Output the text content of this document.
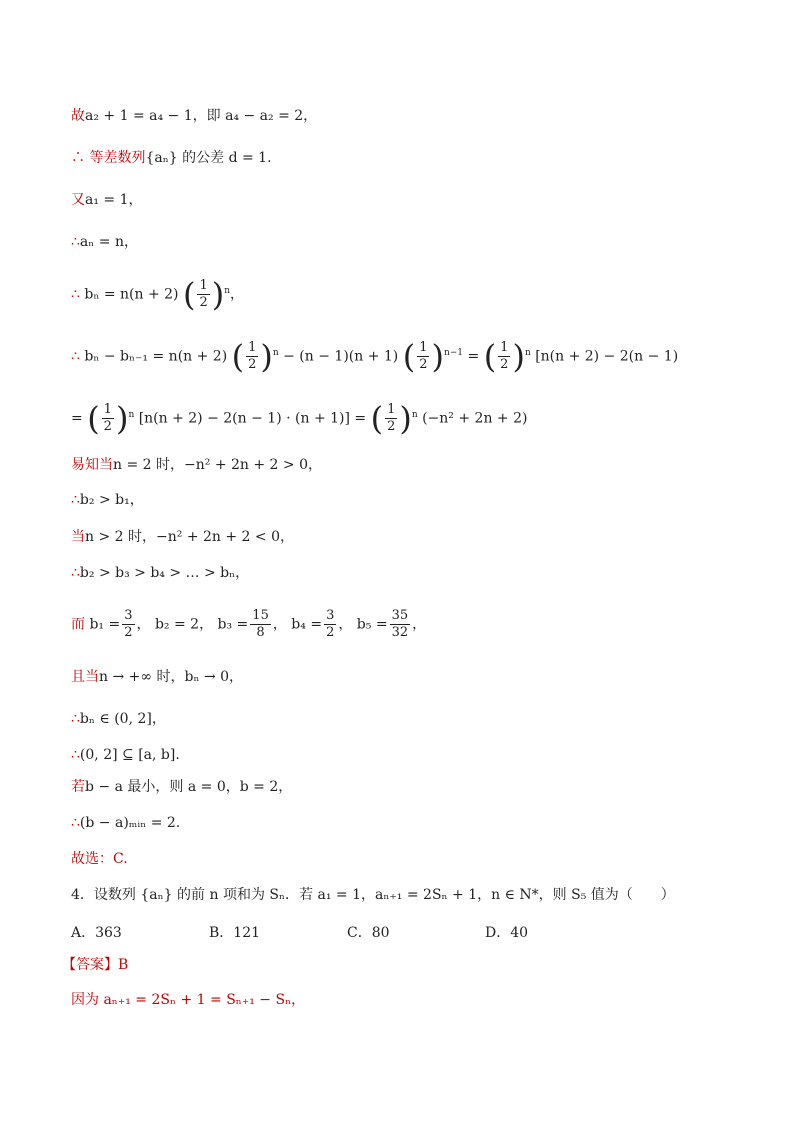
故a₂ + 1 = a₄ − 1，即 a₄ − a₂ = 2，
∴ 等差数列{aₙ} 的公差 d = 1.
又a₁ = 1，
∴aₙ = n，
∴ bₙ = n(n + 2) ( $\frac{1}{2} )^n$，
∴ bₙ − bₙ₋₁ = n(n + 2) ( $\frac{1}{2} )^n - (n - 1)(n + 1)$ ( $\frac{1}{2} )^{n-1}$ = ( $\frac{1}{2} )^n$ [n(n + 2) − 2(n − 1)
= ( $\frac{1}{2} )^n$ [n(n + 2) − 2(n − 1) · (n + 1)] = ( $\frac{1}{2} )^n$ (−n² + 2n + 2)
易知当n = 2 时，−n² + 2n + 2 > 0，
∴b₂ > b₁，
当n > 2 时，−n² + 2n + 2 < 0，
∴b₂ > b₃ > b₄ > … > bₙ，
而 $b_1 = \frac{3}{2}$ ， b₂ = 2， $b_3 = \frac{15}{8}$ ， $b_4 = \frac{3}{2}$ ， $b_5 = \frac{35}{32}$ ，
且当n → +∞ 时，bₙ → 0，
∴bₙ ∈ (0, 2]，
∴(0, 2] ⊆ [a, b].
若b − a 最小，则 a = 0，b = 2，
∴(b − a)ₘᵢₙ = 2.
故选：C.
4．设数列 {aₙ} 的前 n 项和为 Sₙ．若 a₁ = 1，aₙ₊₁ = 2Sₙ + 1，n ∈ N*，则 S₅ 值为（　　）
A．363	B．121	C．80	D．40
【答案】B
因为 aₙ₊₁ = 2Sₙ + 1 = Sₙ₊₁ − Sₙ，
